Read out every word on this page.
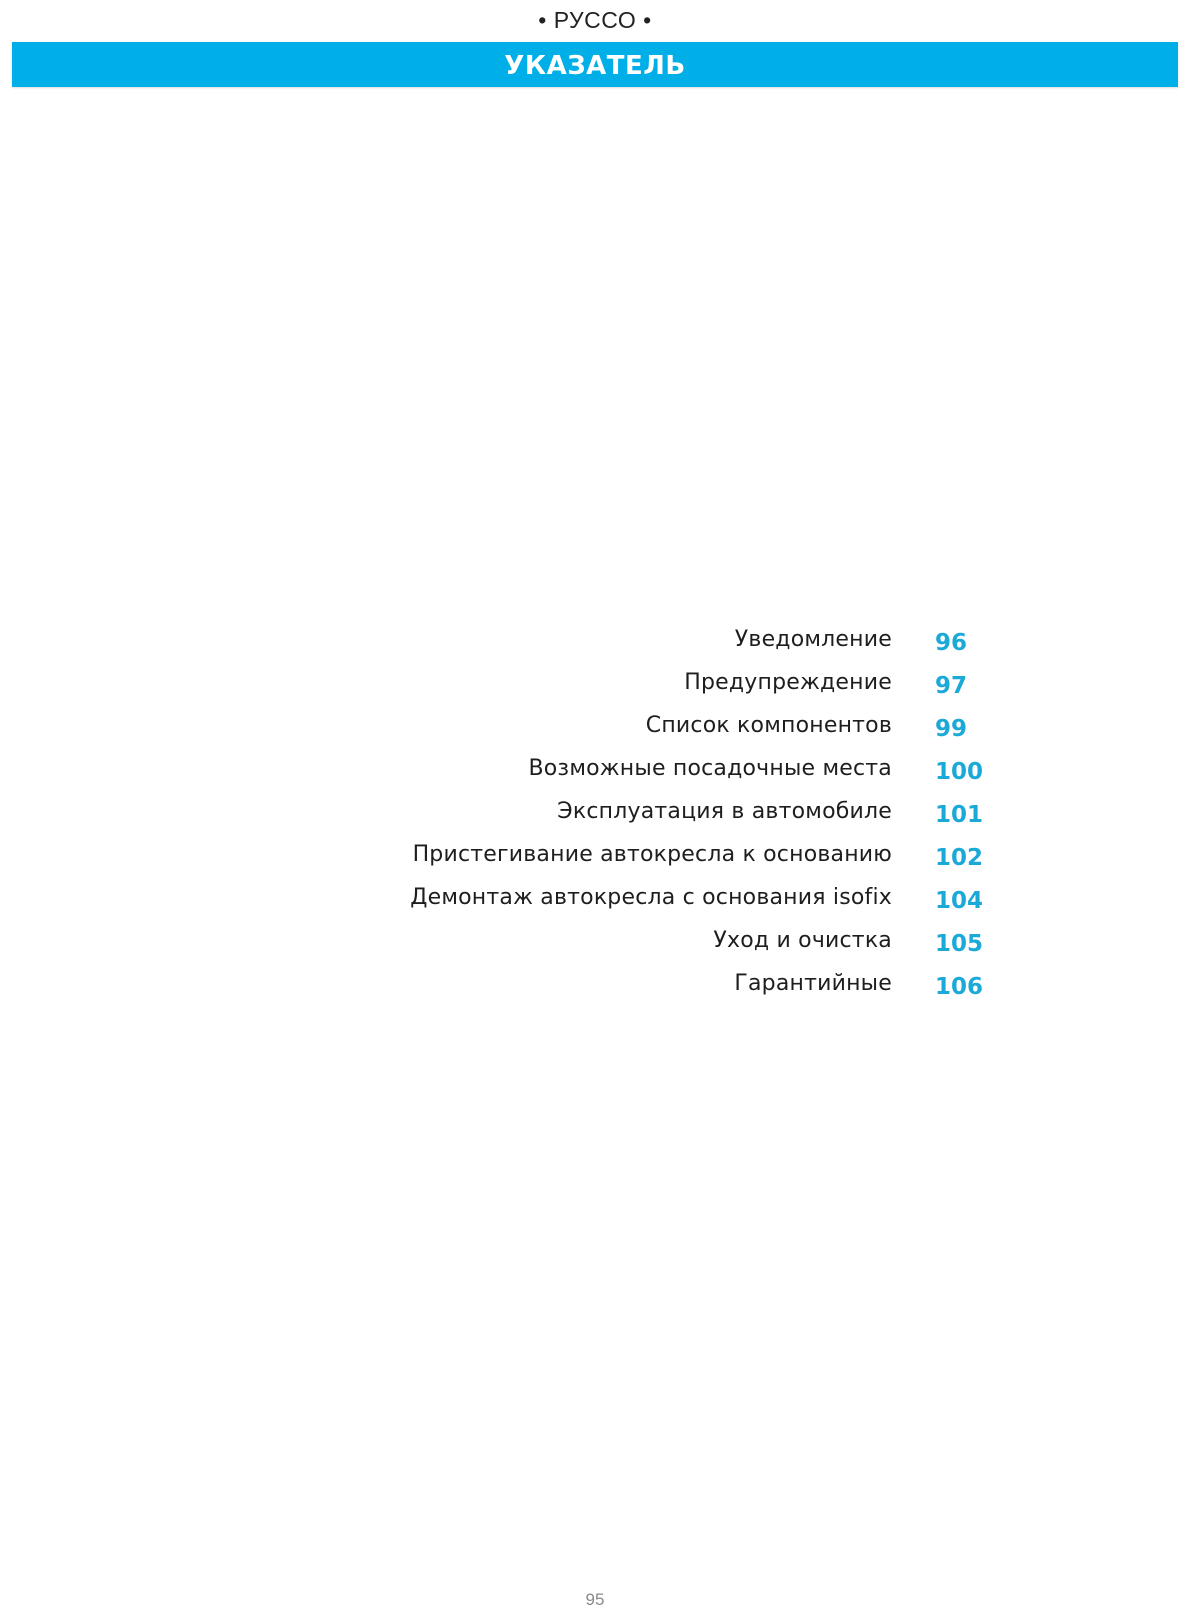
• РУССО •
УКАЗАТЕЛЬ
Уведомление 96
Предупреждение 97
Список компонентов 99
Возможные посадочные места 100
Эксплуатация в автомобиле 101
Пристегивание автокресла к основанию 102
Демонтаж автокресла с основания isofix 104
Уход и очистка 105
Гарантийные 106
95
